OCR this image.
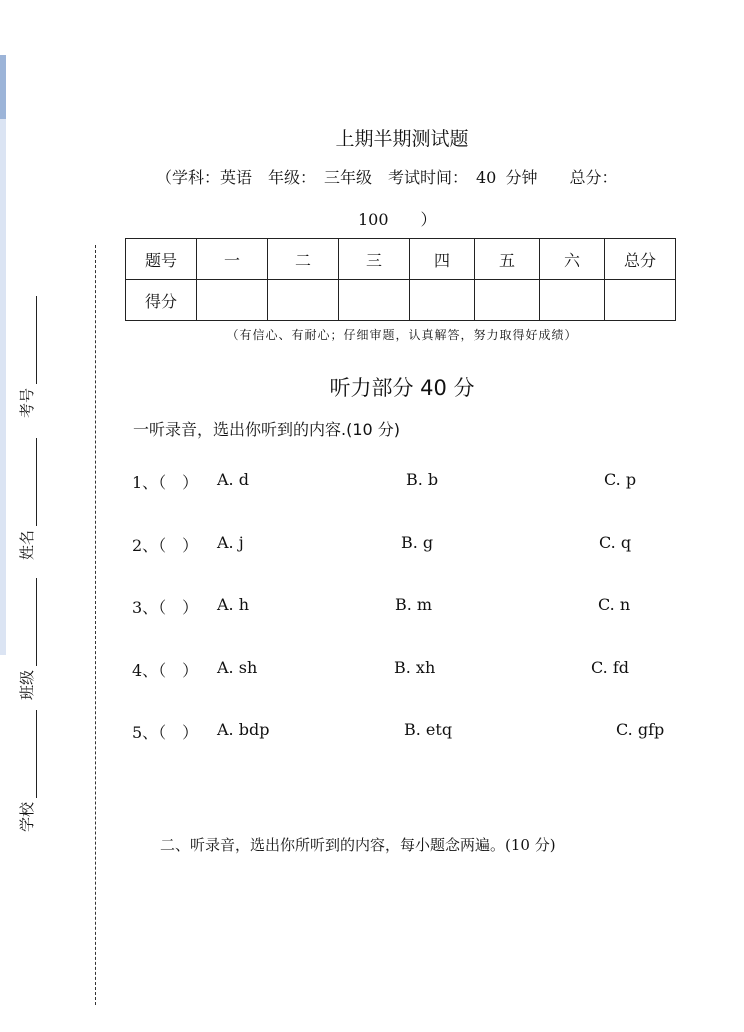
考号
姓名
班级
学校
上期半期测试题
（学科：英语　年级：　三年级　考试时间：　40 分钟　　总分：
100　　）
题号	一	二	三	四	五	六	总分
得分							
（有信心、有耐心；仔细审题，认真解答，努力取得好成绩）
听力部分 40 分
一听录音，选出你听到的内容.(10 分)
1、（　） A. d	B. b	C. p
2、（　） A. j	B. g	C. q
3、（　） A. h	B. m	C. n
4、（　） A. sh	B. xh	C. fd
5、（　） A. bdp	B. etq	C. gfp
二、听录音，选出你所听到的内容，每小题念两遍。(10 分)
